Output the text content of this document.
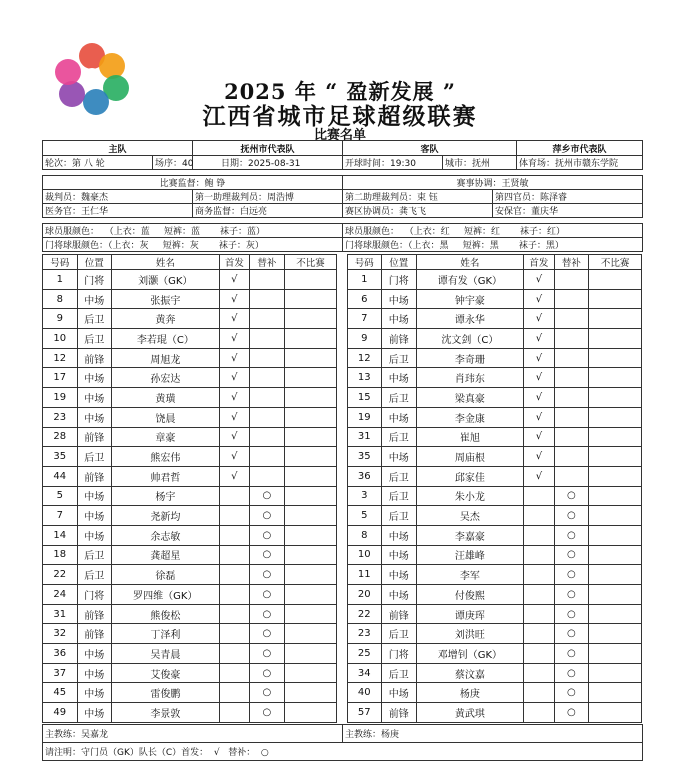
2025 年 “ 盈新发展 ”
江西省城市足球超级联赛
比赛名单
主队		抚州市代表队	客队		萍乡市代表队
轮次：第 八 轮	场序：40	日期：2025-08-31	开球时间：19:30	城市：抚州	体育场：抚州市赣东学院
比赛监督：鲍 铮		赛事协调：王贤敏	
裁判员：魏豪杰	第一助理裁判员：周浩博	第二助理裁判员：束 钰	第四官员：陈泽睿
医务官：王仁华	商务监督：白远亮	赛区协调员：龚飞飞	安保官：董庆华
球员服颜色：  （上衣：蓝     短裤：蓝       袜子：蓝）	球员服颜色：  （上衣：红     短裤：红       袜子：红）
门将球服颜色：（上衣：灰     短裤：灰       袜子：灰）	门将球服颜色：（上衣：黑     短裤：黑       袜子：黑）
号码	位置	姓名	首发	替补	不比赛		号码	位置	姓名	首发	替补	不比赛
1	门将	刘灏（GK）	√				1	门将	谭有发（GK）	√		
8	中场	张振宇	√				6	中场	钟宇豪	√		
9	后卫	黄奔	√				7	中场	谭永华	√		
10	后卫	李若琨（C）	√				9	前锋	沈文剑（C）	√		
12	前锋	周旭龙	√				12	后卫	李奇珊	√		
17	中场	孙宏达	√				13	中场	肖玮东	√		
19	中场	黄璜	√				15	后卫	梁真豪	√		
23	中场	饶晨	√				19	中场	李金康	√		
28	前锋	章豪	√				31	后卫	崔旭	√		
35	后卫	熊宏伟	√				35	中场	周庙根	√		
44	前锋	帅君哲	√				36	后卫	邱家佳	√		
5	中场	杨宇		○			3	后卫	朱小龙		○	
7	中场	尧新均		○			5	后卫	吴杰		○	
14	中场	余志敏		○			8	中场	李嘉豪		○	
18	后卫	龚超星		○			10	中场	汪雄峰		○	
22	后卫	徐磊		○			11	中场	李军		○	
24	门将	罗四维（GK）		○			20	中场	付俊熙		○	
31	前锋	熊俊松		○			22	前锋	谭庚珲		○	
32	前锋	丁泽利		○			23	后卫	刘洪旺		○	
36	中场	吴青晨		○			25	门将	邓增钊（GK）		○	
37	中场	艾俊豪		○			34	后卫	蔡汶嘉		○	
45	中场	雷俊鹏		○			40	中场	杨庚		○	
49	中场	李景敦		○			57	前锋	黄武琪		○	
主教练：吴嘉龙	主教练：杨庚
请注明：守门员（GK）队长（C）首发：  √   替补：  ○
